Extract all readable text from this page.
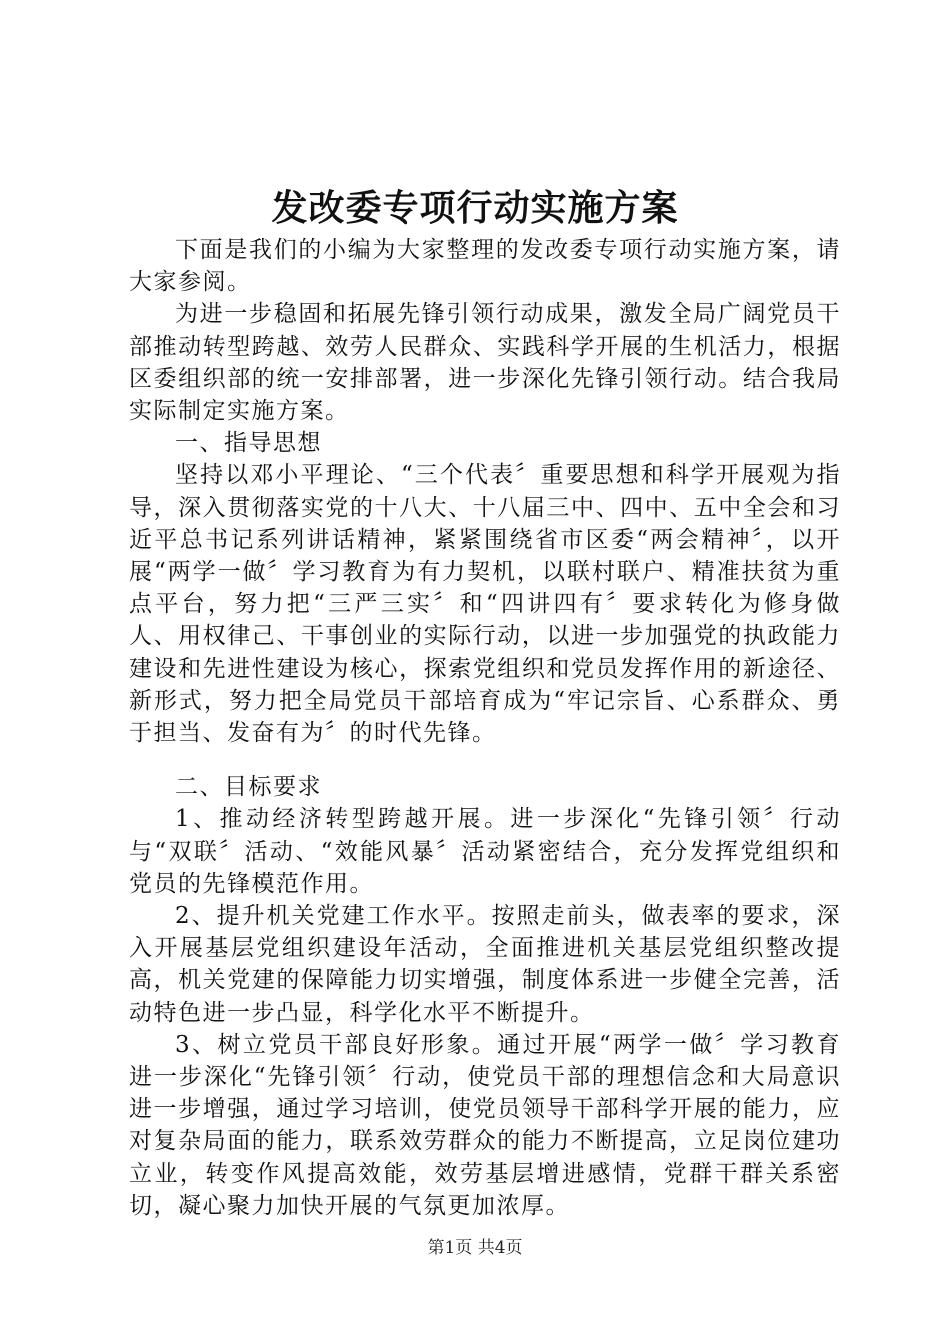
发改委专项行动实施方案

下面是我们的小编为大家整理的发改委专项行动实施方案，请大家参阅。

为进一步稳固和拓展先锋引领行动成果，激发全局广阔党员干部推动转型跨越、效劳人民群众、实践科学开展的生机活力，根据区委组织部的统一安排部署，进一步深化先锋引领行动。结合我局实际制定实施方案。

一、指导思想

坚持以邓小平理论、“三个代表〞重要思想和科学开展观为指导，深入贯彻落实党的十八大、十八届三中、四中、五中全会和习近平总书记系列讲话精神，紧紧围绕省市区委“两会精神〞，以开展“两学一做〞学习教育为有力契机，以联村联户、精准扶贫为重点平台，努力把“三严三实〞和“四讲四有〞要求转化为修身做人、用权律己、干事创业的实际行动，以进一步加强党的执政能力建设和先进性建设为核心，探索党组织和党员发挥作用的新途径、新形式，努力把全局党员干部培育成为“牢记宗旨、心系群众、勇于担当、发奋有为〞的时代先锋。

二、目标要求

1、推动经济转型跨越开展。进一步深化“先锋引领〞行动与“双联〞活动、“效能风暴〞活动紧密结合，充分发挥党组织和党员的先锋模范作用。

2、提升机关党建工作水平。按照走前头，做表率的要求，深入开展基层党组织建设年活动，全面推进机关基层党组织整改提高，机关党建的保障能力切实增强，制度体系进一步健全完善，活动特色进一步凸显，科学化水平不断提升。

3、树立党员干部良好形象。通过开展“两学一做〞学习教育进一步深化“先锋引领〞行动，使党员干部的理想信念和大局意识进一步增强，通过学习培训，使党员领导干部科学开展的能力，应对复杂局面的能力，联系效劳群众的能力不断提高，立足岗位建功立业，转变作风提高效能，效劳基层增进感情，党群干群关系密切，凝心聚力加快开展的气氛更加浓厚。

第1页 共4页
